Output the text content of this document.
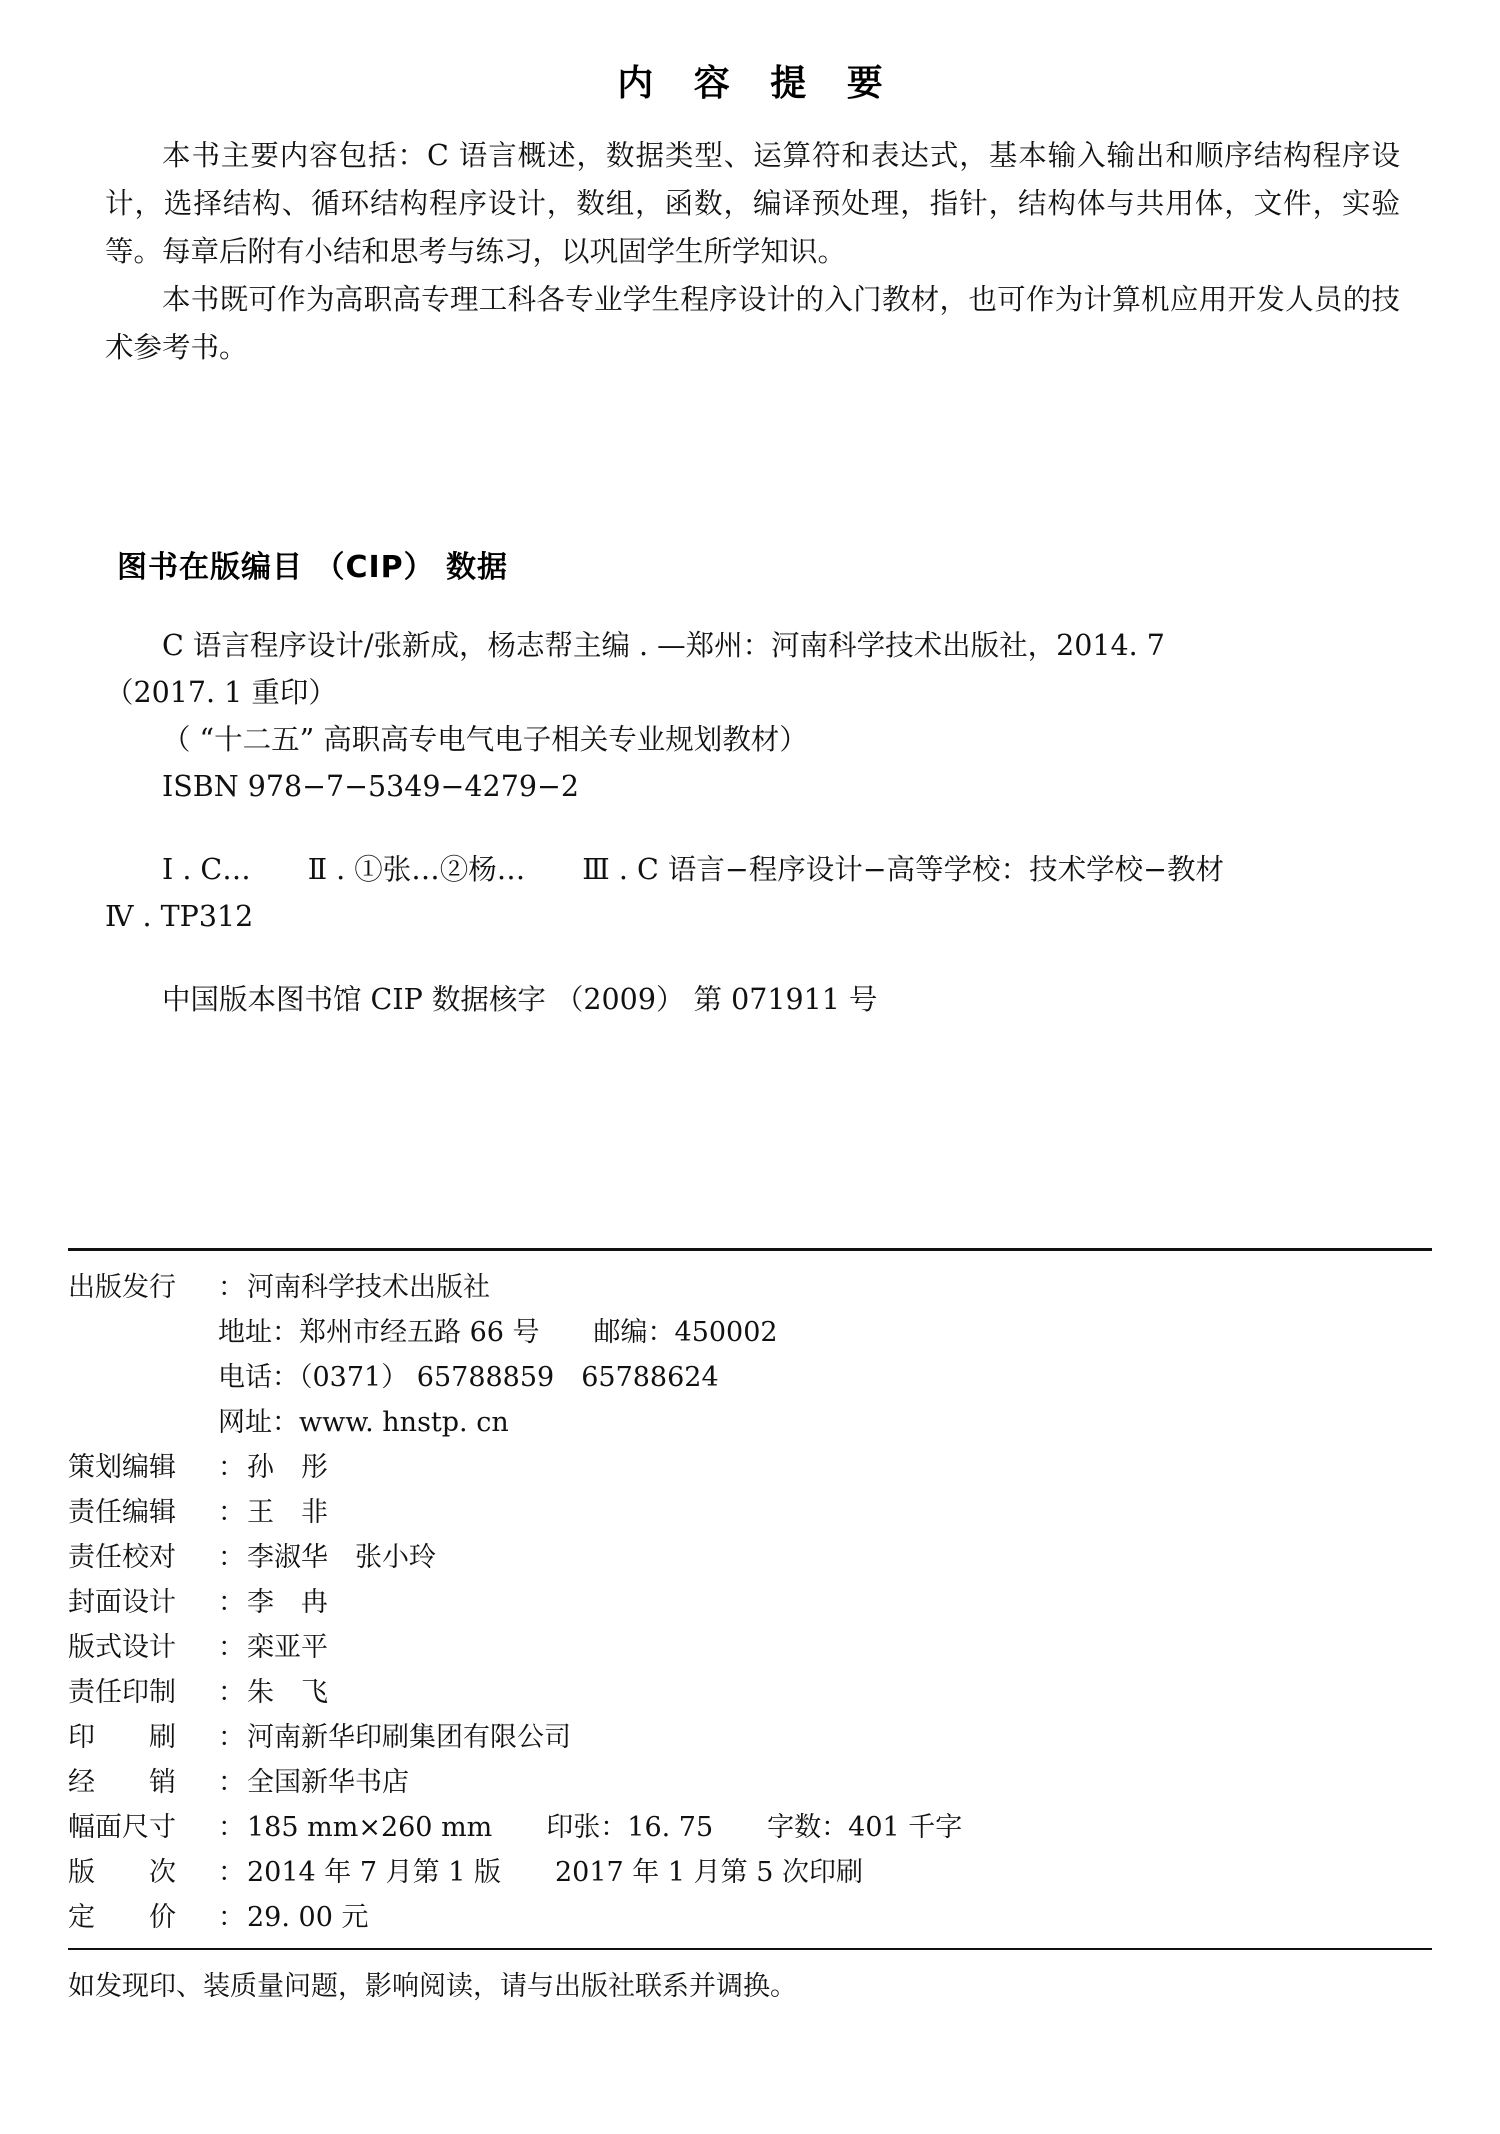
内 容 提 要

本书主要内容包括：C 语言概述，数据类型、运算符和表达式，基本输入输出和顺序结构程序设计，选择结构、循环结构程序设计，数组，函数，编译预处理，指针，结构体与共用体，文件，实验等。每章后附有小结和思考与练习，以巩固学生所学知识。

本书既可作为高职高专理工科各专业学生程序设计的入门教材，也可作为计算机应用开发人员的技术参考书。

图书在版编目 （CIP） 数据
C 语言程序设计/张新成，杨志帮主编 . —郑州：河南科学技术出版社，2014. 7
（2017. 1 重印）
（ “十二五” 高职高专电气电子相关专业规划教材）
ISBN 978−7−5349−4279−2
Ⅰ . C…　　Ⅱ . ①张…②杨…　　Ⅲ . C 语言−程序设计−高等学校：技术学校−教材
Ⅳ . TP312
中国版本图书馆 CIP 数据核字 （2009） 第 071911 号
出版发行	： 河南科学技术出版社
地址：郑州市经五路 66 号　　邮编：450002
电话：（0371） 65788859　65788624
网址：www. hnstp. cn
策划编辑	： 孙　彤
责任编辑	： 王　非
责任校对	： 李淑华　张小玲
封面设计	： 李　冉
版式设计	： 栾亚平
责任印制	： 朱　飞
印　　刷	： 河南新华印刷集团有限公司
经　　销	： 全国新华书店
幅面尺寸	： 185 mm×260 mm　　印张：16. 75　　字数：401 千字
版　　次	： 2014 年 7 月第 1 版　　2017 年 1 月第 5 次印刷
定　　价	： 29. 00 元
如发现印、装质量问题，影响阅读，请与出版社联系并调换。
